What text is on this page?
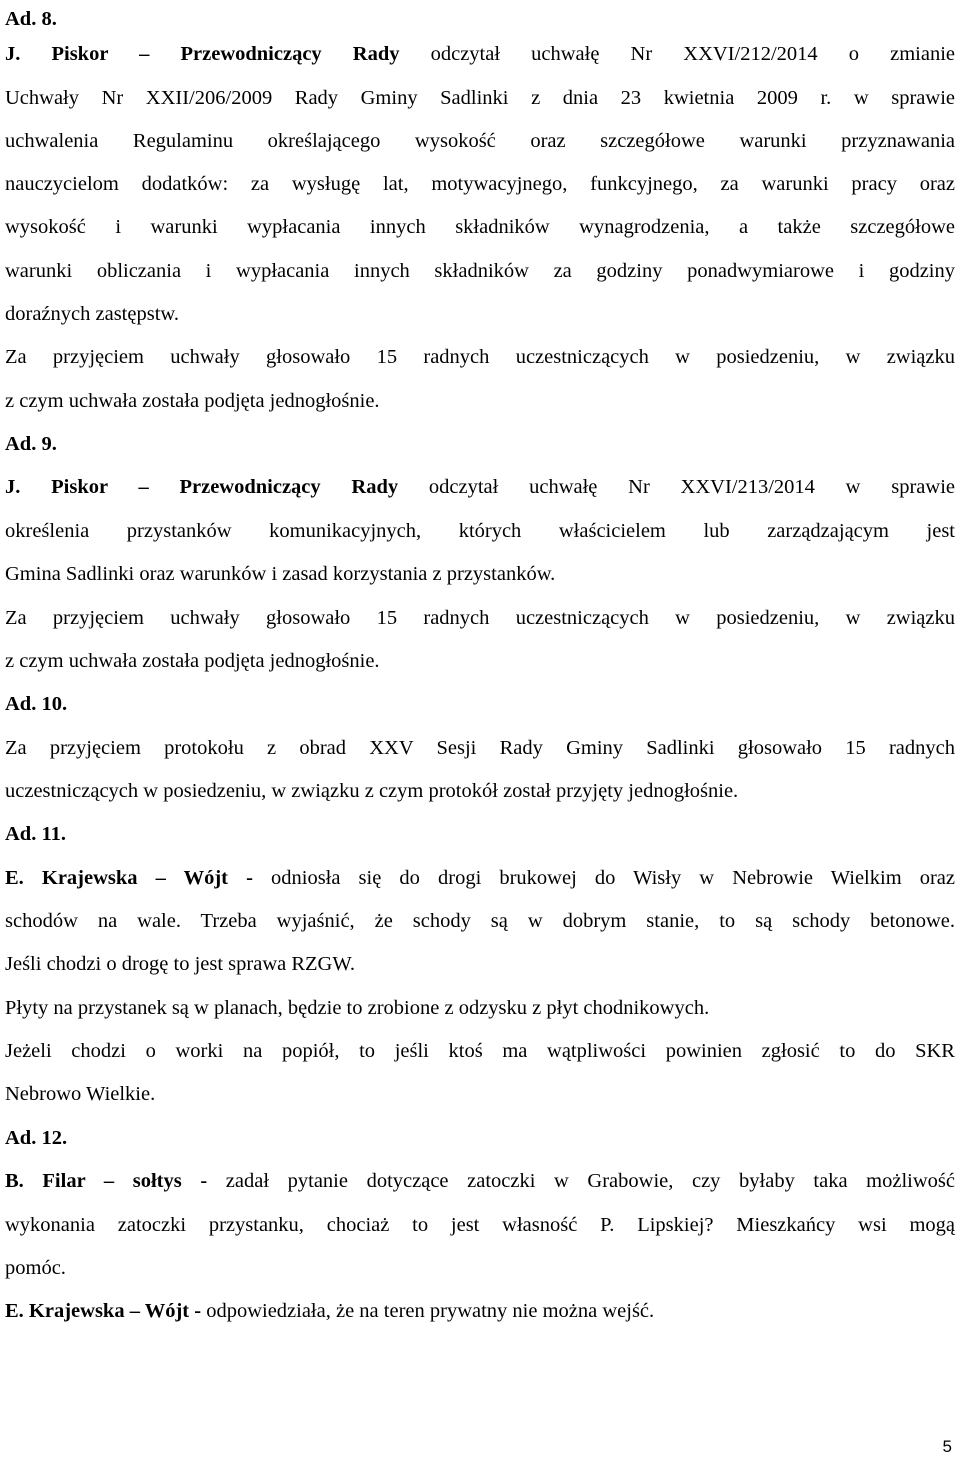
Ad. 8.
J. Piskor – Przewodniczący Rady odczytał uchwałę Nr XXVI/212/2014 o zmianie
Uchwały Nr XXII/206/2009 Rady Gminy Sadlinki z dnia 23 kwietnia 2009 r. w sprawie
uchwalenia Regulaminu określającego wysokość oraz szczegółowe warunki przyznawania
nauczycielom dodatków: za wysługę lat, motywacyjnego, funkcyjnego, za warunki pracy oraz
wysokość i warunki wypłacania innych składników wynagrodzenia, a także szczegółowe
warunki obliczania i wypłacania innych składników za godziny ponadwymiarowe i godziny
doraźnych zastępstw.
Za przyjęciem uchwały głosowało 15 radnych uczestniczących w posiedzeniu, w związku
z czym uchwała została podjęta jednogłośnie.
Ad. 9.
J. Piskor – Przewodniczący Rady odczytał uchwałę Nr XXVI/213/2014 w sprawie
określenia przystanków komunikacyjnych, których właścicielem lub zarządzającym jest
Gmina Sadlinki oraz warunków i zasad korzystania z przystanków.
Za przyjęciem uchwały głosowało 15 radnych uczestniczących w posiedzeniu, w związku
z czym uchwała została podjęta jednogłośnie.
Ad. 10.
Za przyjęciem protokołu z obrad XXV Sesji Rady Gminy Sadlinki głosowało 15 radnych
uczestniczących w posiedzeniu, w związku z czym protokół został przyjęty jednogłośnie.
Ad. 11.
E. Krajewska – Wójt - odniosła się do drogi brukowej do Wisły w Nebrowie Wielkim oraz
schodów na wale. Trzeba wyjaśnić, że schody są w dobrym stanie, to są schody betonowe.
Jeśli chodzi o drogę to jest sprawa RZGW.
Płyty na przystanek są w planach, będzie to zrobione z odzysku z płyt chodnikowych.
Jeżeli chodzi o worki na popiół, to jeśli ktoś ma wątpliwości powinien zgłosić to do SKR
Nebrowo Wielkie.
Ad. 12.
B. Filar – sołtys - zadał pytanie dotyczące zatoczki w Grabowie, czy byłaby taka możliwość
wykonania zatoczki przystanku, chociaż to jest własność P. Lipskiej? Mieszkańcy wsi mogą
pomóc.
E. Krajewska – Wójt - odpowiedziała, że na teren prywatny nie można wejść.
5
